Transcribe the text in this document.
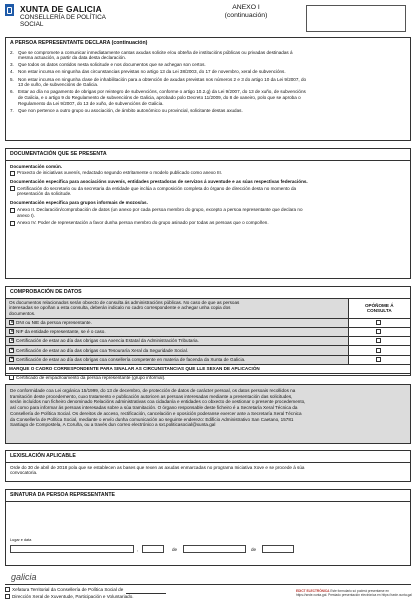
XUNTA DE GALICIA
CONSELLERÍA DE POLÍTICA
SOCIAL
ANEXO I
(continuación)
A PERSOA REPRESENTANTE DECLARA (continuación)

2. Que se compromete a comunicar inmediatamente cantas axudas solicite e/ou obteña de institucións públicas ou privadas destinadas á
mesma actuación, a partir da data desta declaración.

3. Que todos os datos contidos nesta solicitude e nos documentos que se achegan son certos.

4. Non estar incursa en ningunha das circunstancias previstas no artigo 13 da Lei 38/2003, do 17 de novembro, xeral de subvencións.

5. Non estar incursa en ningunha clase de inhabilitación para a obtención de axudas previstas nos números 2 e 3 do artigo 10 da Lei 9/2007, do
13 de xuño, de subvencións de Galicia.

6. Estar ao día no pagamento de obrigas por reintegro de subvencións, conforme o artigo 10.2.g) da Lei 9/2007, do 13 de xuño, de subvencións
de Galicia, e o artigo 9 do Regulamento de subvencións de Galicia, aprobado polo Decreto 11/2009, do 8 de xaneiro, polo que se aproba o
Regulamento da Lei 9/2007, do 13 de xuño, de subvencións de Galicia.

7. Que non pertence a outro grupo ou asociación, de ámbito autonómico ou provincial, solicitante destas axudas.

DOCUMENTACIÓN QUE SE PRESENTA
Documentación común.
Proxecto de iniciativas xuvenís, redactado segundo estritamente o modelo publicado como anexo III.
Documentación específica para asociacións xuvenís, entidades prestadoras de servizos á xuventude e as súas respectivas federacións.
Certificación do secretario ou da secretaria da entidade que inclúa a composición completa do órgano de dirección desta no momento da
presentación da solicitude.
Documentación específica para grupos informais de mozos/as.
Anexo II. Declaración/comprobación de datos (un anexo por cada persoa membro do grupo, excepto a persoa representante que declara no
anexo I).
Anexo IV. Poder de representación a favor dunha persoa membro do grupo asinado por todas as persoas que o compoñen.
COMPROBACIÓN DE DATOS
Os documentos relacionados serán obxecto de consulta ás administracións públicas. No caso de que as persoas
interesadas se opoñan a esta consulta, deberán indicalo no cadro correspondente e achegar unha copia dos
documentos.	OPÓÑOME Á
CONSULTA
×DNI ou NIE da persoa representante.	
×NIF da entidade representante, se é o caso.	
×Certificación de estar ao día das obrigas coa Axencia Estatal da Administración Tributaria.	
×Certificación de estar ao día das obrigas coa Tesouraría Xeral da Seguridade Social.	
×Certificación de estar ao día das obrigas coa consellería competente en materia de facenda da Xunta de Galicia.	
MARQUE O CADRO CORRESPONDENTE PARA SINALAR AS CIRCUNSTANCIAS QUE LLE SEXAN DE APLICACIÓN	
Certificado de empadroamento da persoa representante (grupo informal).	
De conformidade coa Lei orgánica 15/1999, do 13 de decembro, de protección de datos de carácter persoal, os datos persoais recollidos na
tramitación deste procedemento, cuxo tratamento e publicación autoricen as persoas interesadas mediante a presentación das solicitudes,
serán incluídos nun ficheiro denominado Relacións administrativas coa cidadanía e entidades co obxecto de xestionar o presente procedemento,
así como para informar ás persoas interesadas sobre a súa tramitación. O órgano responsable deste ficheiro é a Secretaría Xeral Técnica da
Consellería de Política Social. Os dereitos de acceso, rectificación, cancelación e oposición poderanse exercer ante a Secretaría Xeral Técnica
da Consellería de Política Social, mediante o envío dunha comunicación ao seguinte enderezo: Edificio Administrativo San Caetano, 15781
Santiago de Compostela, A Coruña, ou a través dun correo electrónico a sxt.politicasocial@xunta.gal
LEXISLACIÓN APLICABLE
Orde do 30 de abril de 2018 pola que se establecen as bases que rexen as axudas enmarcadas no programa Iniciativa Xove e se procede á súa
convocatoria.
SINATURA DA PERSOA REPRESENTANTE
Lugar e data
,	de	de
galicia
Xefatura Territorial da Consellería de Política Social de
Dirección Xeral de Xuventude, Participación e Voluntariado.
EDICT ELECTRÓNICA Este formulario só poderá presentarse en https://sede.xunta.gal. Prestado presentación electrónica en https://sede.xunta.gal
